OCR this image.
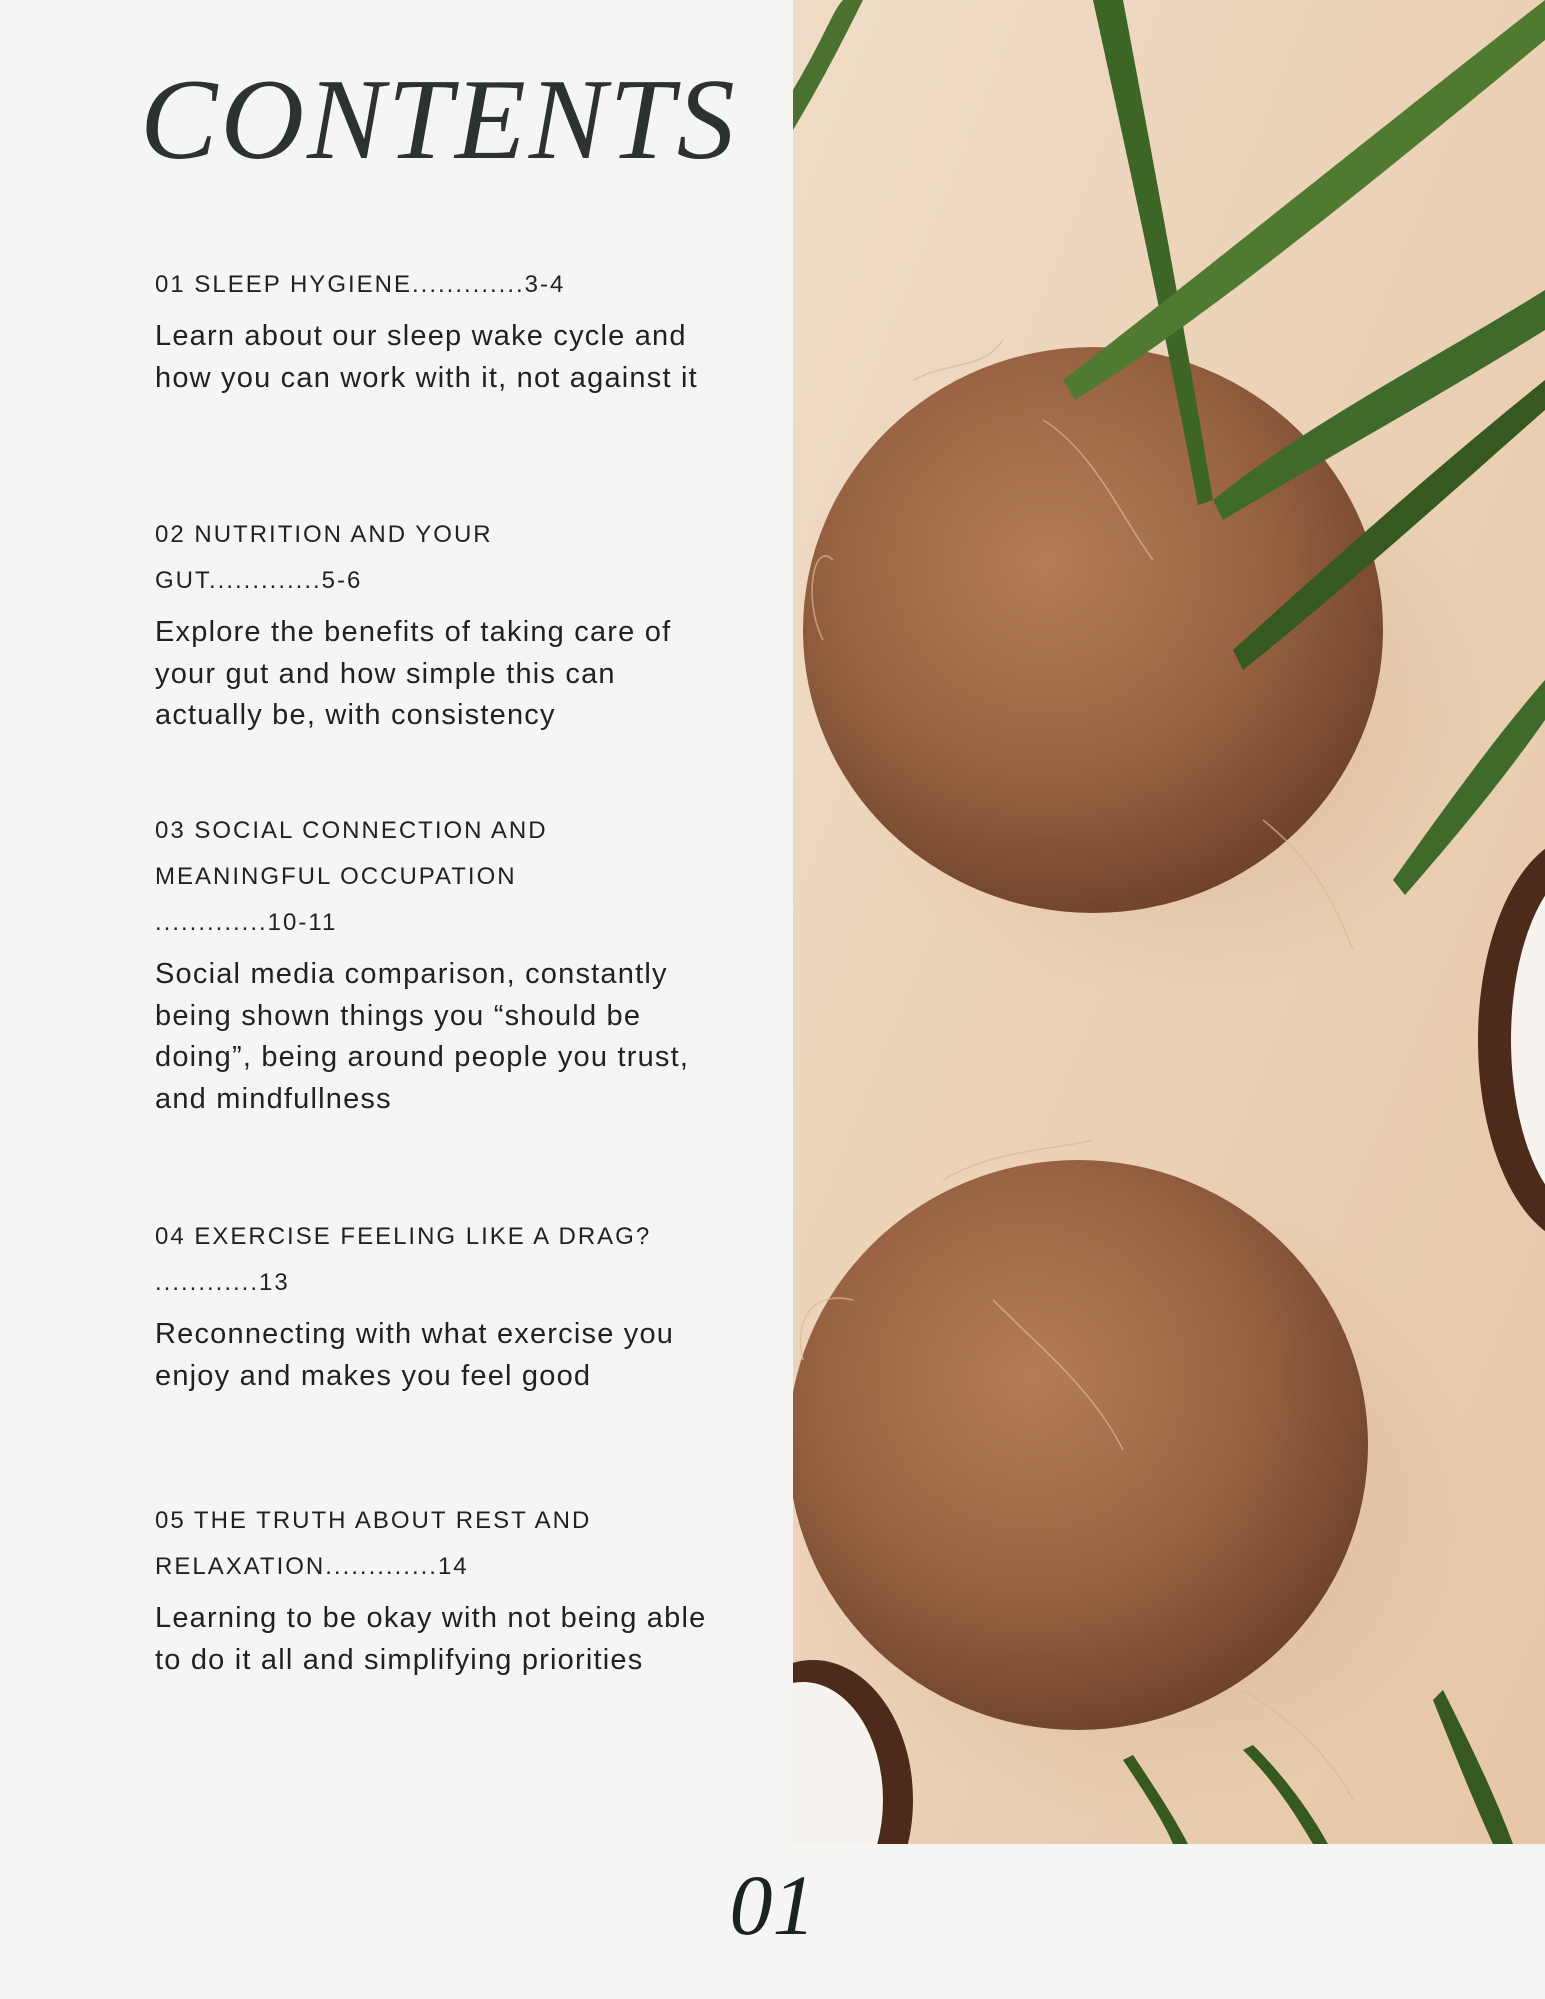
CONTENTS

01 SLEEP HYGIENE.............3-4

Learn about our sleep wake cycle and how you can work with it, not against it

02 NUTRITION AND YOUR
GUT.............5-6

Explore the benefits of taking care of your gut and how simple this can actually be, with consistency

03 SOCIAL CONNECTION AND
MEANINGFUL OCCUPATION
.............10-11

Social media comparison, constantly being shown things you “should be doing”, being around people you trust, and mindfullness

04 EXERCISE FEELING LIKE A DRAG?
............13

Reconnecting with what exercise you enjoy and makes you feel good

05 THE TRUTH ABOUT REST AND
RELAXATION.............14

Learning to be okay with not being able to do it all and simplifying priorities

01
